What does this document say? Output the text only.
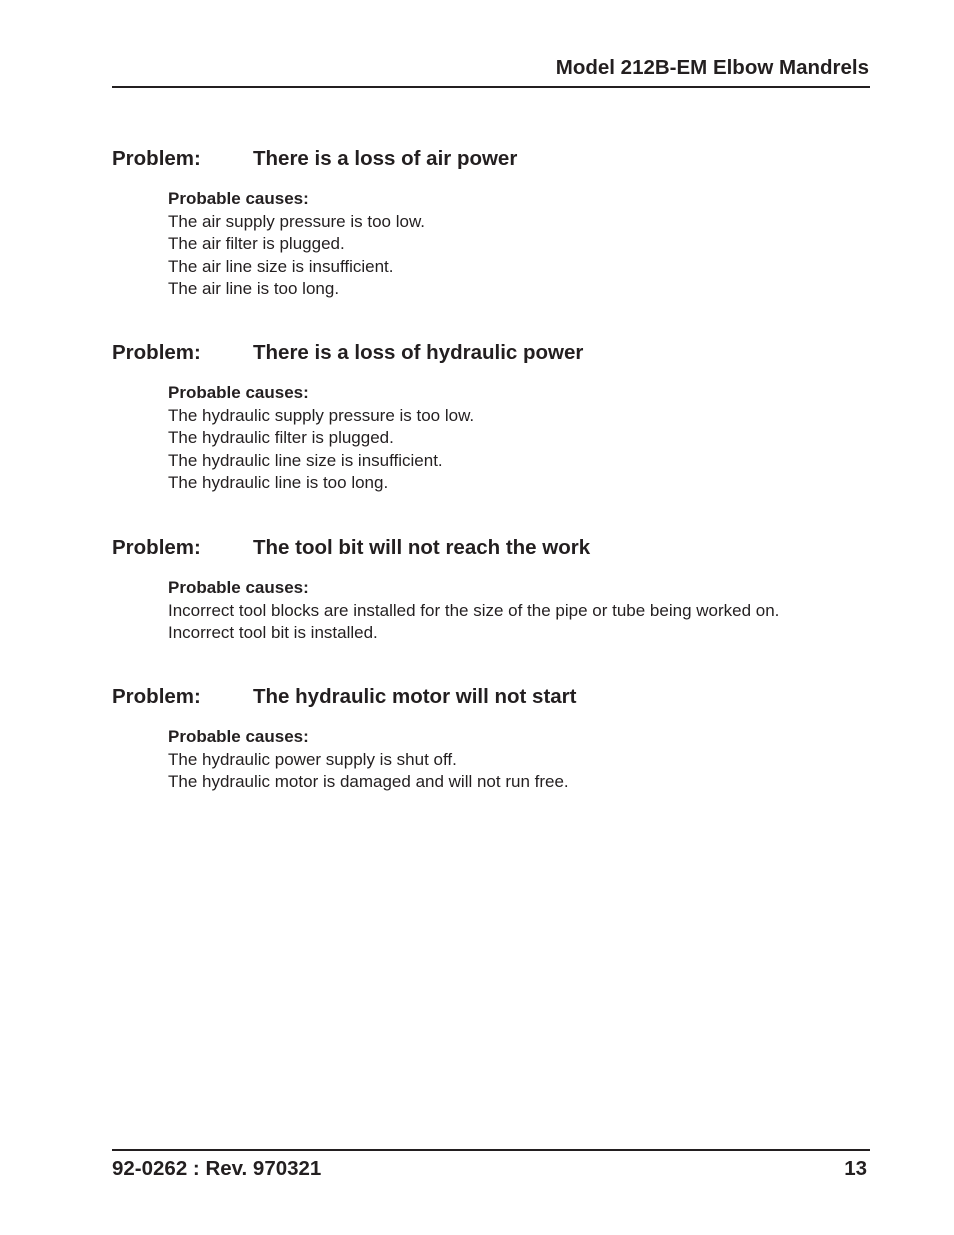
Model 212B-EM Elbow Mandrels
Problem:	There is a loss of air power
Probable causes:
The air supply pressure is too low.
The air filter is plugged.
The air line size is insufficient.
The air line is too long.
Problem:	There is a loss of hydraulic power
Probable causes:
The hydraulic supply pressure is too low.
The hydraulic filter is plugged.
The hydraulic line size is insufficient.
The hydraulic line is too long.
Problem:	The tool bit will not reach the work
Probable causes:
Incorrect tool blocks are installed for the size of the pipe or tube being worked on.
Incorrect tool bit is installed.
Problem:	The hydraulic motor will not start
Probable causes:
The hydraulic power supply is shut off.
The hydraulic motor is damaged and will not run free.
92-0262 : Rev. 970321	13
